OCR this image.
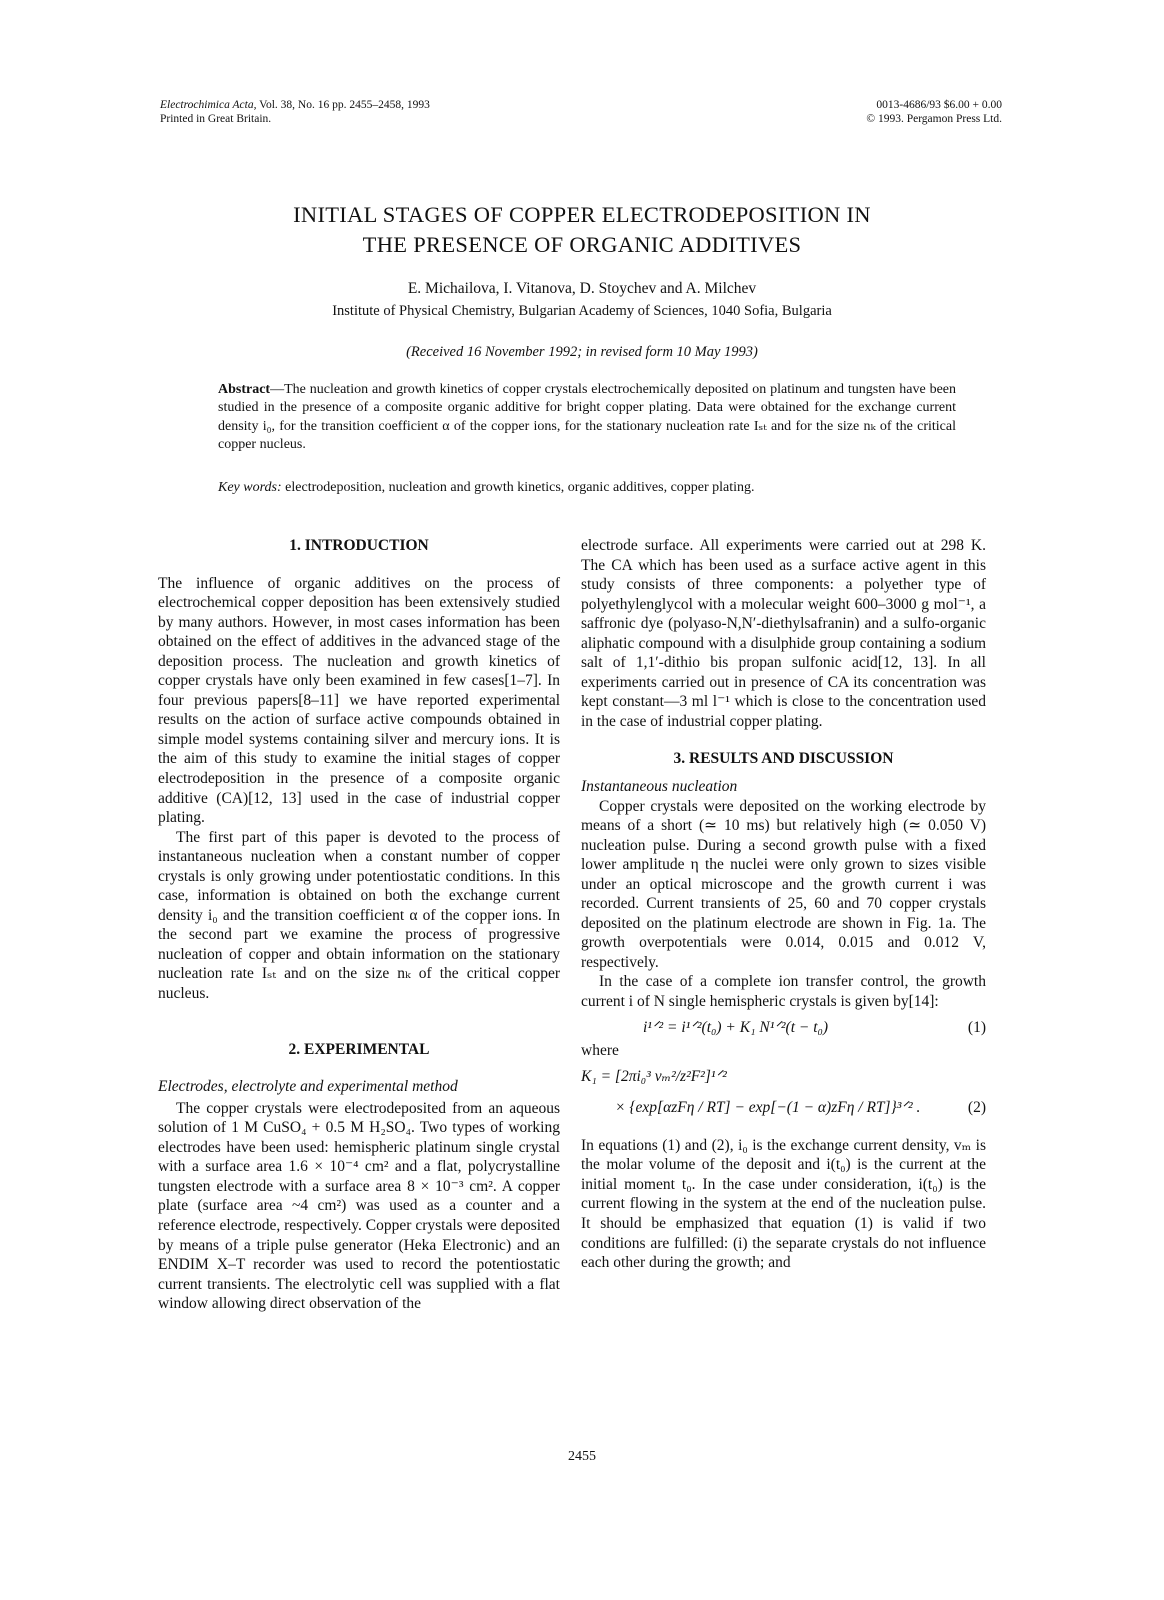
Electrochimica Acta, Vol. 38, No. 16 pp. 2455–2458, 1993
Printed in Great Britain.
0013-4686/93 $6.00 + 0.00
© 1993. Pergamon Press Ltd.
INITIAL STAGES OF COPPER ELECTRODEPOSITION IN
THE PRESENCE OF ORGANIC ADDITIVES
E. Michailova, I. Vitanova, D. Stoychev and A. Milchev
Institute of Physical Chemistry, Bulgarian Academy of Sciences, 1040 Sofia, Bulgaria
(Received 16 November 1992; in revised form 10 May 1993)
Abstract—The nucleation and growth kinetics of copper crystals electrochemically deposited on platinum and tungsten have been studied in the presence of a composite organic additive for bright copper plating. Data were obtained for the exchange current density i₀, for the transition coefficient α of the copper ions, for the stationary nucleation rate Iₛₜ and for the size nₖ of the critical copper nucleus.
Key words: electrodeposition, nucleation and growth kinetics, organic additives, copper plating.

1. INTRODUCTION

The influence of organic additives on the process of electrochemical copper deposition has been extensively studied by many authors. However, in most cases information has been obtained on the effect of additives in the advanced stage of the deposition process. The nucleation and growth kinetics of copper crystals have only been examined in few cases[1–7]. In four previous papers[8–11] we have reported experimental results on the action of surface active compounds obtained in simple model systems containing silver and mercury ions. It is the aim of this study to examine the initial stages of copper electrodeposition in the presence of a composite organic additive (CA)[12, 13] used in the case of industrial copper plating.

The first part of this paper is devoted to the process of instantaneous nucleation when a constant number of copper crystals is only growing under potentiostatic conditions. In this case, information is obtained on both the exchange current density i₀ and the transition coefficient α of the copper ions. In the second part we examine the process of progressive nucleation of copper and obtain information on the stationary nucleation rate Iₛₜ and on the size nₖ of the critical copper nucleus.

2. EXPERIMENTAL

Electrodes, electrolyte and experimental method

The copper crystals were electrodeposited from an aqueous solution of 1 M CuSO₄ + 0.5 M H₂SO₄. Two types of working electrodes have been used: hemispheric platinum single crystal with a surface area 1.6 × 10⁻⁴ cm² and a flat, polycrystalline tungsten electrode with a surface area 8 × 10⁻³ cm². A copper plate (surface area ~4 cm²) was used as a counter and a reference electrode, respectively. Copper crystals were deposited by means of a triple pulse generator (Heka Electronic) and an ENDIM X–T recorder was used to record the potentiostatic current transients. The electrolytic cell was supplied with a flat window allowing direct observation of the

electrode surface. All experiments were carried out at 298 K. The CA which has been used as a surface active agent in this study consists of three components: a polyether type of polyethylenglycol with a molecular weight 600–3000 g mol⁻¹, a saffronic dye (polyaso-N,N′-diethylsafranin) and a sulfo-organic aliphatic compound with a disulphide group containing a sodium salt of 1,1′-dithio bis propan sulfonic acid[12, 13]. In all experiments carried out in presence of CA its concentration was kept constant—3 ml l⁻¹ which is close to the concentration used in the case of industrial copper plating.

3. RESULTS AND DISCUSSION

Instantaneous nucleation

Copper crystals were deposited on the working electrode by means of a short (≃ 10 ms) but relatively high (≃ 0.050 V) nucleation pulse. During a second growth pulse with a fixed lower amplitude η the nuclei were only grown to sizes visible under an optical microscope and the growth current i was recorded. Current transients of 25, 60 and 70 copper crystals deposited on the platinum electrode are shown in Fig. 1a. The growth overpotentials were 0.014, 0.015 and 0.012 V, respectively.

In the case of a complete ion transfer control, the growth current i of N single hemispheric crystals is given by[14]:

i¹ᐟ² = i¹ᐟ²(t₀) + K₁ N¹ᐟ²(t − t₀)	(1)

where

K₁ = [2πi₀³ vₘ²/z²F²]¹ᐟ²

× {exp[αzFη / RT] − exp[−(1 − α)zFη / RT]}³ᐟ² .	(2)

In equations (1) and (2), i₀ is the exchange current density, vₘ is the molar volume of the deposit and i(t₀) is the current at the initial moment t₀. In the case under consideration, i(t₀) is the current flowing in the system at the end of the nucleation pulse. It should be emphasized that equation (1) is valid if two conditions are fulfilled: (i) the separate crystals do not influence each other during the growth; and

2455
